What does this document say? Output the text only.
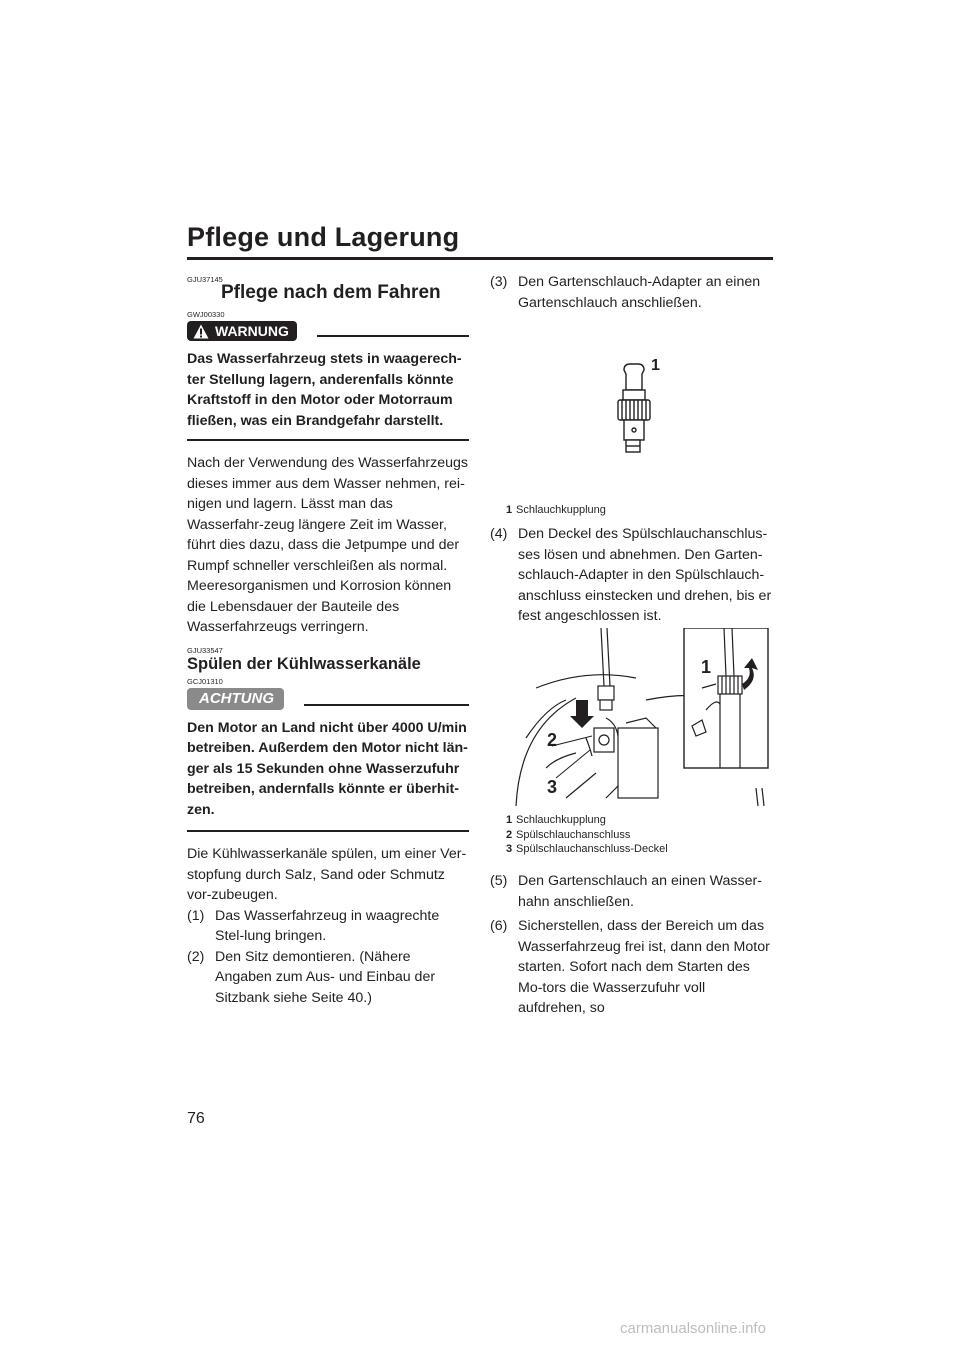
Pflege und Lagerung
GJU37145
Pflege nach dem Fahren
GWJ00330
WARNUNG
Das Wasserfahrzeug stets in waagerech-ter Stellung lagern, anderenfalls könnte Kraftstoff in den Motor oder Motorraum fließen, was ein Brandgefahr darstellt.
Nach der Verwendung des Wasserfahrzeugs dieses immer aus dem Wasser nehmen, rei-nigen und lagern. Lässt man das Wasserfahr-zeug längere Zeit im Wasser, führt dies dazu, dass die Jetpumpe und der Rumpf schneller verschleißen als normal. Meeresorganismen und Korrosion können die Lebensdauer der Bauteile des Wasserfahrzeugs verringern.
GJU33547
Spülen der Kühlwasserkanäle
GCJ01310
ACHTUNG
Den Motor an Land nicht über 4000 U/min betreiben. Außerdem den Motor nicht län-ger als 15 Sekunden ohne Wasserzufuhr betreiben, andernfalls könnte er überhit-zen.
Die Kühlwasserkanäle spülen, um einer Ver-stopfung durch Salz, Sand oder Schmutz vor-zubeugen.
(1) Das Wasserfahrzeug in waagrechte Stel-lung bringen.
(2) Den Sitz demontieren. (Nähere Angaben zum Aus- und Einbau der Sitzbank siehe Seite 40.)
(3) Den Gartenschlauch-Adapter an einen Gartenschlauch anschließen.
1
1 Schlauchkupplung
(4) Den Deckel des Spülschlauchanschlus-ses lösen und abnehmen. Den Garten-schlauch-Adapter in den Spülschlauch-anschluss einstecken und drehen, bis er fest angeschlossen ist.
1
2
3
1 Schlauchkupplung
2 Spülschlauchanschluss
3 Spülschlauchanschluss-Deckel
(5) Den Gartenschlauch an einen Wasser-hahn anschließen.
(6) Sicherstellen, dass der Bereich um das Wasserfahrzeug frei ist, dann den Motor starten. Sofort nach dem Starten des Mo-tors die Wasserzufuhr voll aufdrehen, so
76
carmanualsonline.info
